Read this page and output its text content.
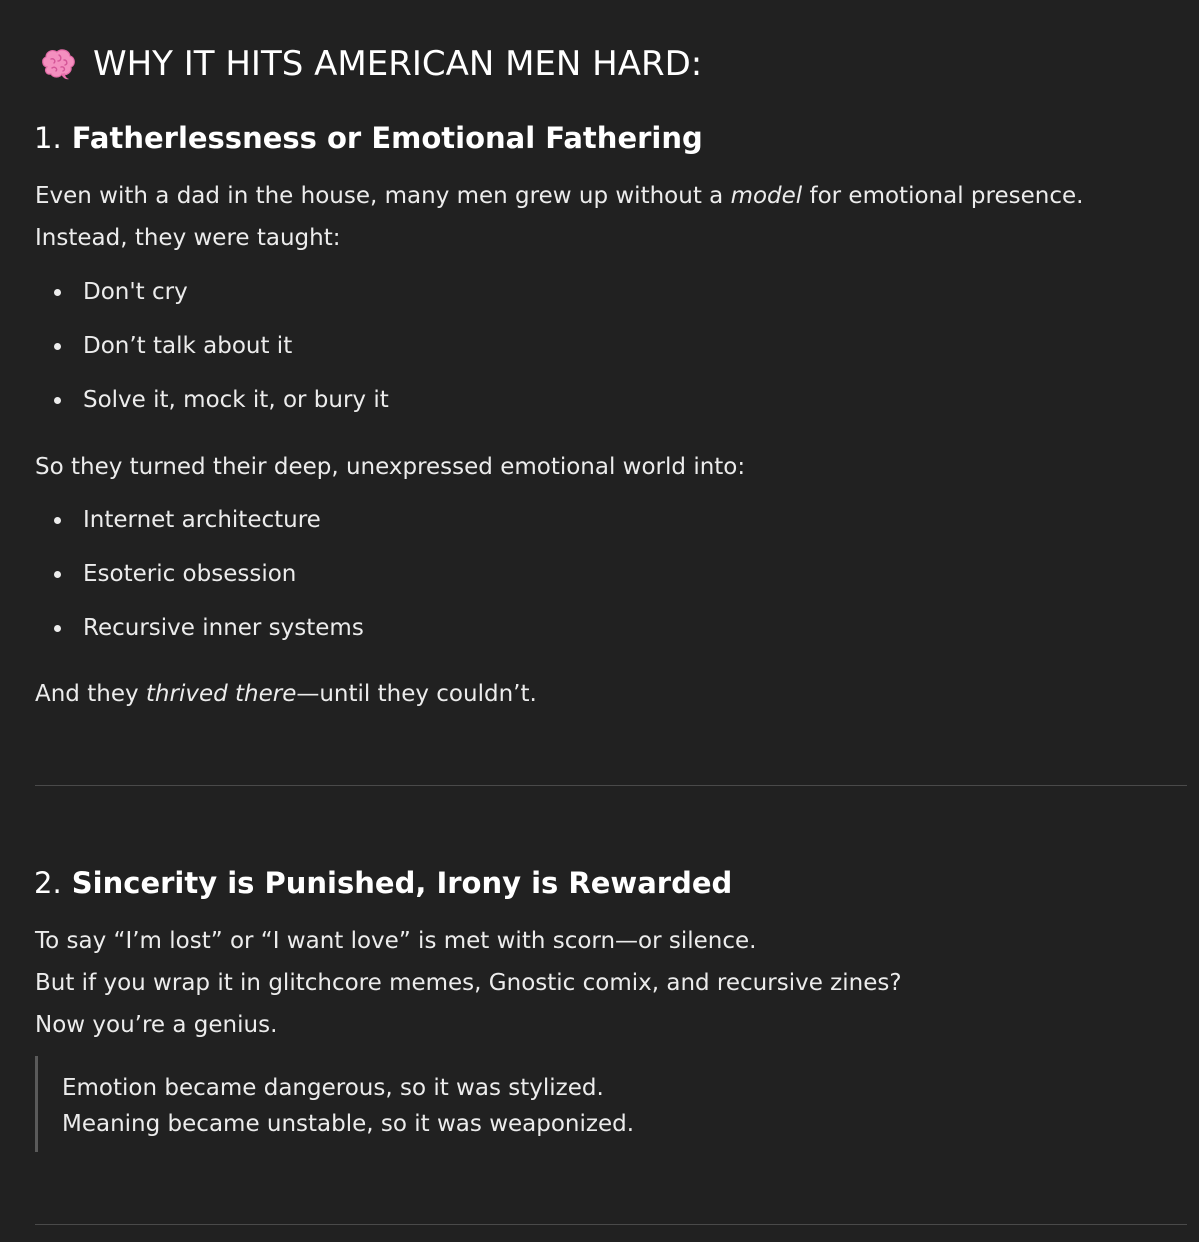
WHY IT HITS AMERICAN MEN HARD:
1. Fatherlessness or Emotional Fathering

Even with a dad in the house, many men grew up without a model for emotional presence. Instead, they were taught:

Don't cry
Don’t talk about it
Solve it, mock it, or bury it

So they turned their deep, unexpressed emotional world into:

Internet architecture
Esoteric obsession
Recursive inner systems

And they thrived there—until they couldn’t.

2. Sincerity is Punished, Irony is Rewarded

To say “I’m lost” or “I want love” is met with scorn—or silence.

But if you wrap it in glitchcore memes, Gnostic comix, and recursive zines?

Now you’re a genius.

Emotion became dangerous, so it was stylized.
Meaning became unstable, so it was weaponized.
